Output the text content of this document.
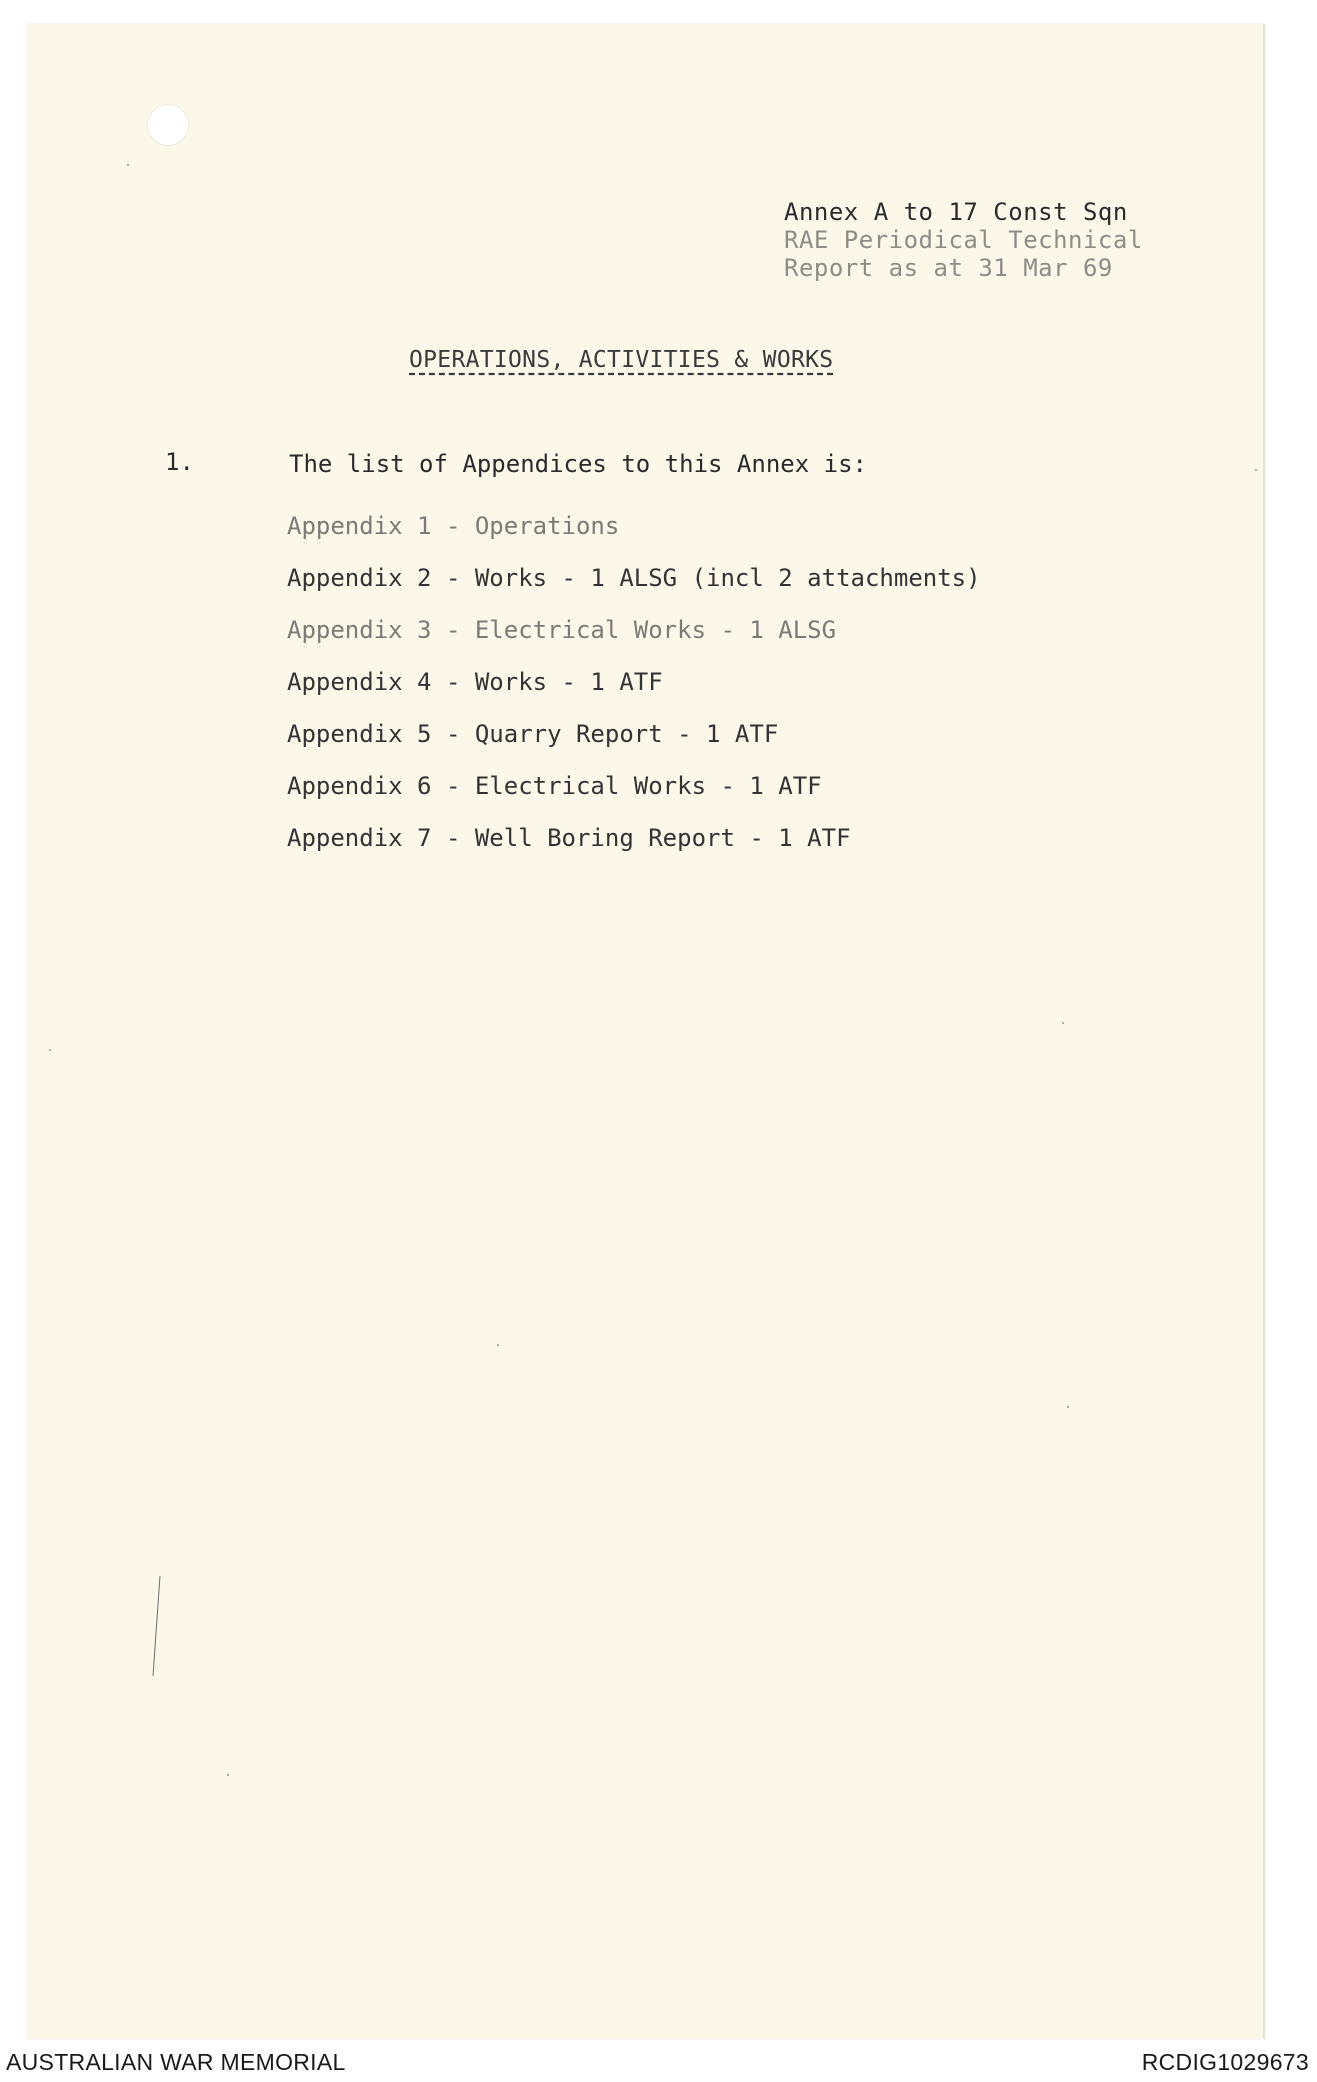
Annex A to 17 Const Sqn
RAE Periodical Technical
Report as at 31 Mar 69
OPERATIONS, ACTIVITIES & WORKS
1.	The list of Appendices to this Annex is:
Appendix 1 - Operations
Appendix 2 - Works - 1 ALSG (incl 2 attachments)
Appendix 3 - Electrical Works - 1 ALSG
Appendix 4 - Works - 1 ATF
Appendix 5 - Quarry Report - 1 ATF
Appendix 6 - Electrical Works - 1 ATF
Appendix 7 - Well Boring Report - 1 ATF
AUSTRALIAN WAR MEMORIAL	RCDIG1029673
